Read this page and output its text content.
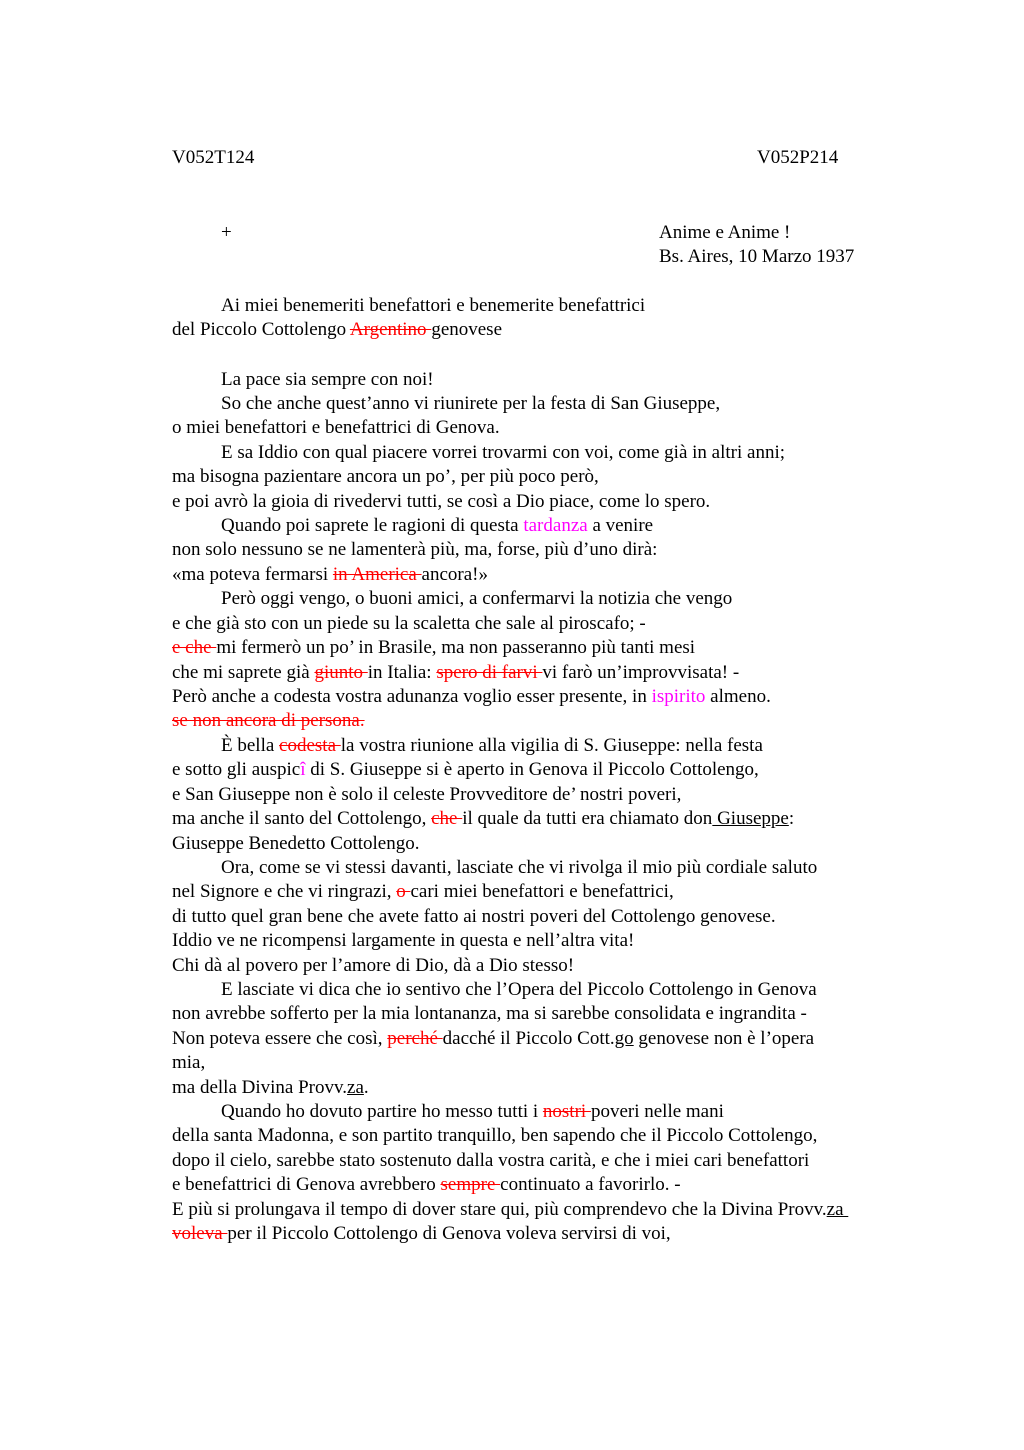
V052T124	V052P214
+	Anime e Anime !
Bs. Aires, 10 Marzo 1937
Ai miei benemeriti benefattori e benemerite benefattrici
del Piccolo Cottolengo Argentino genovese
La pace sia sempre con noi!
So che anche quest’anno vi riunirete per la festa di San Giuseppe,
o miei benefattori e benefattrici di Genova.
E sa Iddio con qual piacere vorrei trovarmi con voi, come già in altri anni;
ma bisogna pazientare ancora un po’, per più poco però,
e poi avrò la gioia di rivedervi tutti, se così a Dio piace, come lo spero.
Quando poi saprete le ragioni di questa tardanza a venire
non solo nessuno se ne lamenterà più, ma, forse, più d’uno dirà:
«ma poteva fermarsi in America ancora!»
Però oggi vengo, o buoni amici, a confermarvi la notizia che vengo
e che già sto con un piede su la scaletta che sale al piroscafo; -
e che mi fermerò un po’ in Brasile, ma non passeranno più tanti mesi
che mi saprete già giunto in Italia: spero di farvi vi farò un’improvvisata! -
Però anche a codesta vostra adunanza voglio esser presente, in ispirito almeno.
se non ancora di persona.
È bella codesta la vostra riunione alla vigilia di S. Giuseppe: nella festa
e sotto gli auspicî di S. Giuseppe si è aperto in Genova il Piccolo Cottolengo,
e San Giuseppe non è solo il celeste Provveditore de’ nostri poveri,
ma anche il santo del Cottolengo, che il quale da tutti era chiamato don Giuseppe:
Giuseppe Benedetto Cottolengo.
Ora, come se vi stessi davanti, lasciate che vi rivolga il mio più cordiale saluto
nel Signore e che vi ringrazi, o cari miei benefattori e benefattrici,
di tutto quel gran bene che avete fatto ai nostri poveri del Cottolengo genovese.
Iddio ve ne ricompensi largamente in questa e nell’altra vita!
Chi dà al povero per l’amore di Dio, dà a Dio stesso!
E lasciate vi dica che io sentivo che l’Opera del Piccolo Cottolengo in Genova
non avrebbe sofferto per la mia lontananza, ma si sarebbe consolidata e ingrandita -
Non poteva essere che così, perché dacché il Piccolo Cott.go genovese non è l’opera
mia,
ma della Divina Provv.za.
Quando ho dovuto partire ho messo tutti i nostri poveri nelle mani
della santa Madonna, e son partito tranquillo, ben sapendo che il Piccolo Cottolengo,
dopo il cielo, sarebbe stato sostenuto dalla vostra carità, e che i miei cari benefattori
e benefattrici di Genova avrebbero sempre continuato a favorirlo. -
E più si prolungava il tempo di dover stare qui, più comprendevo che la Divina Provv.za
voleva per il Piccolo Cottolengo di Genova voleva servirsi di voi,
